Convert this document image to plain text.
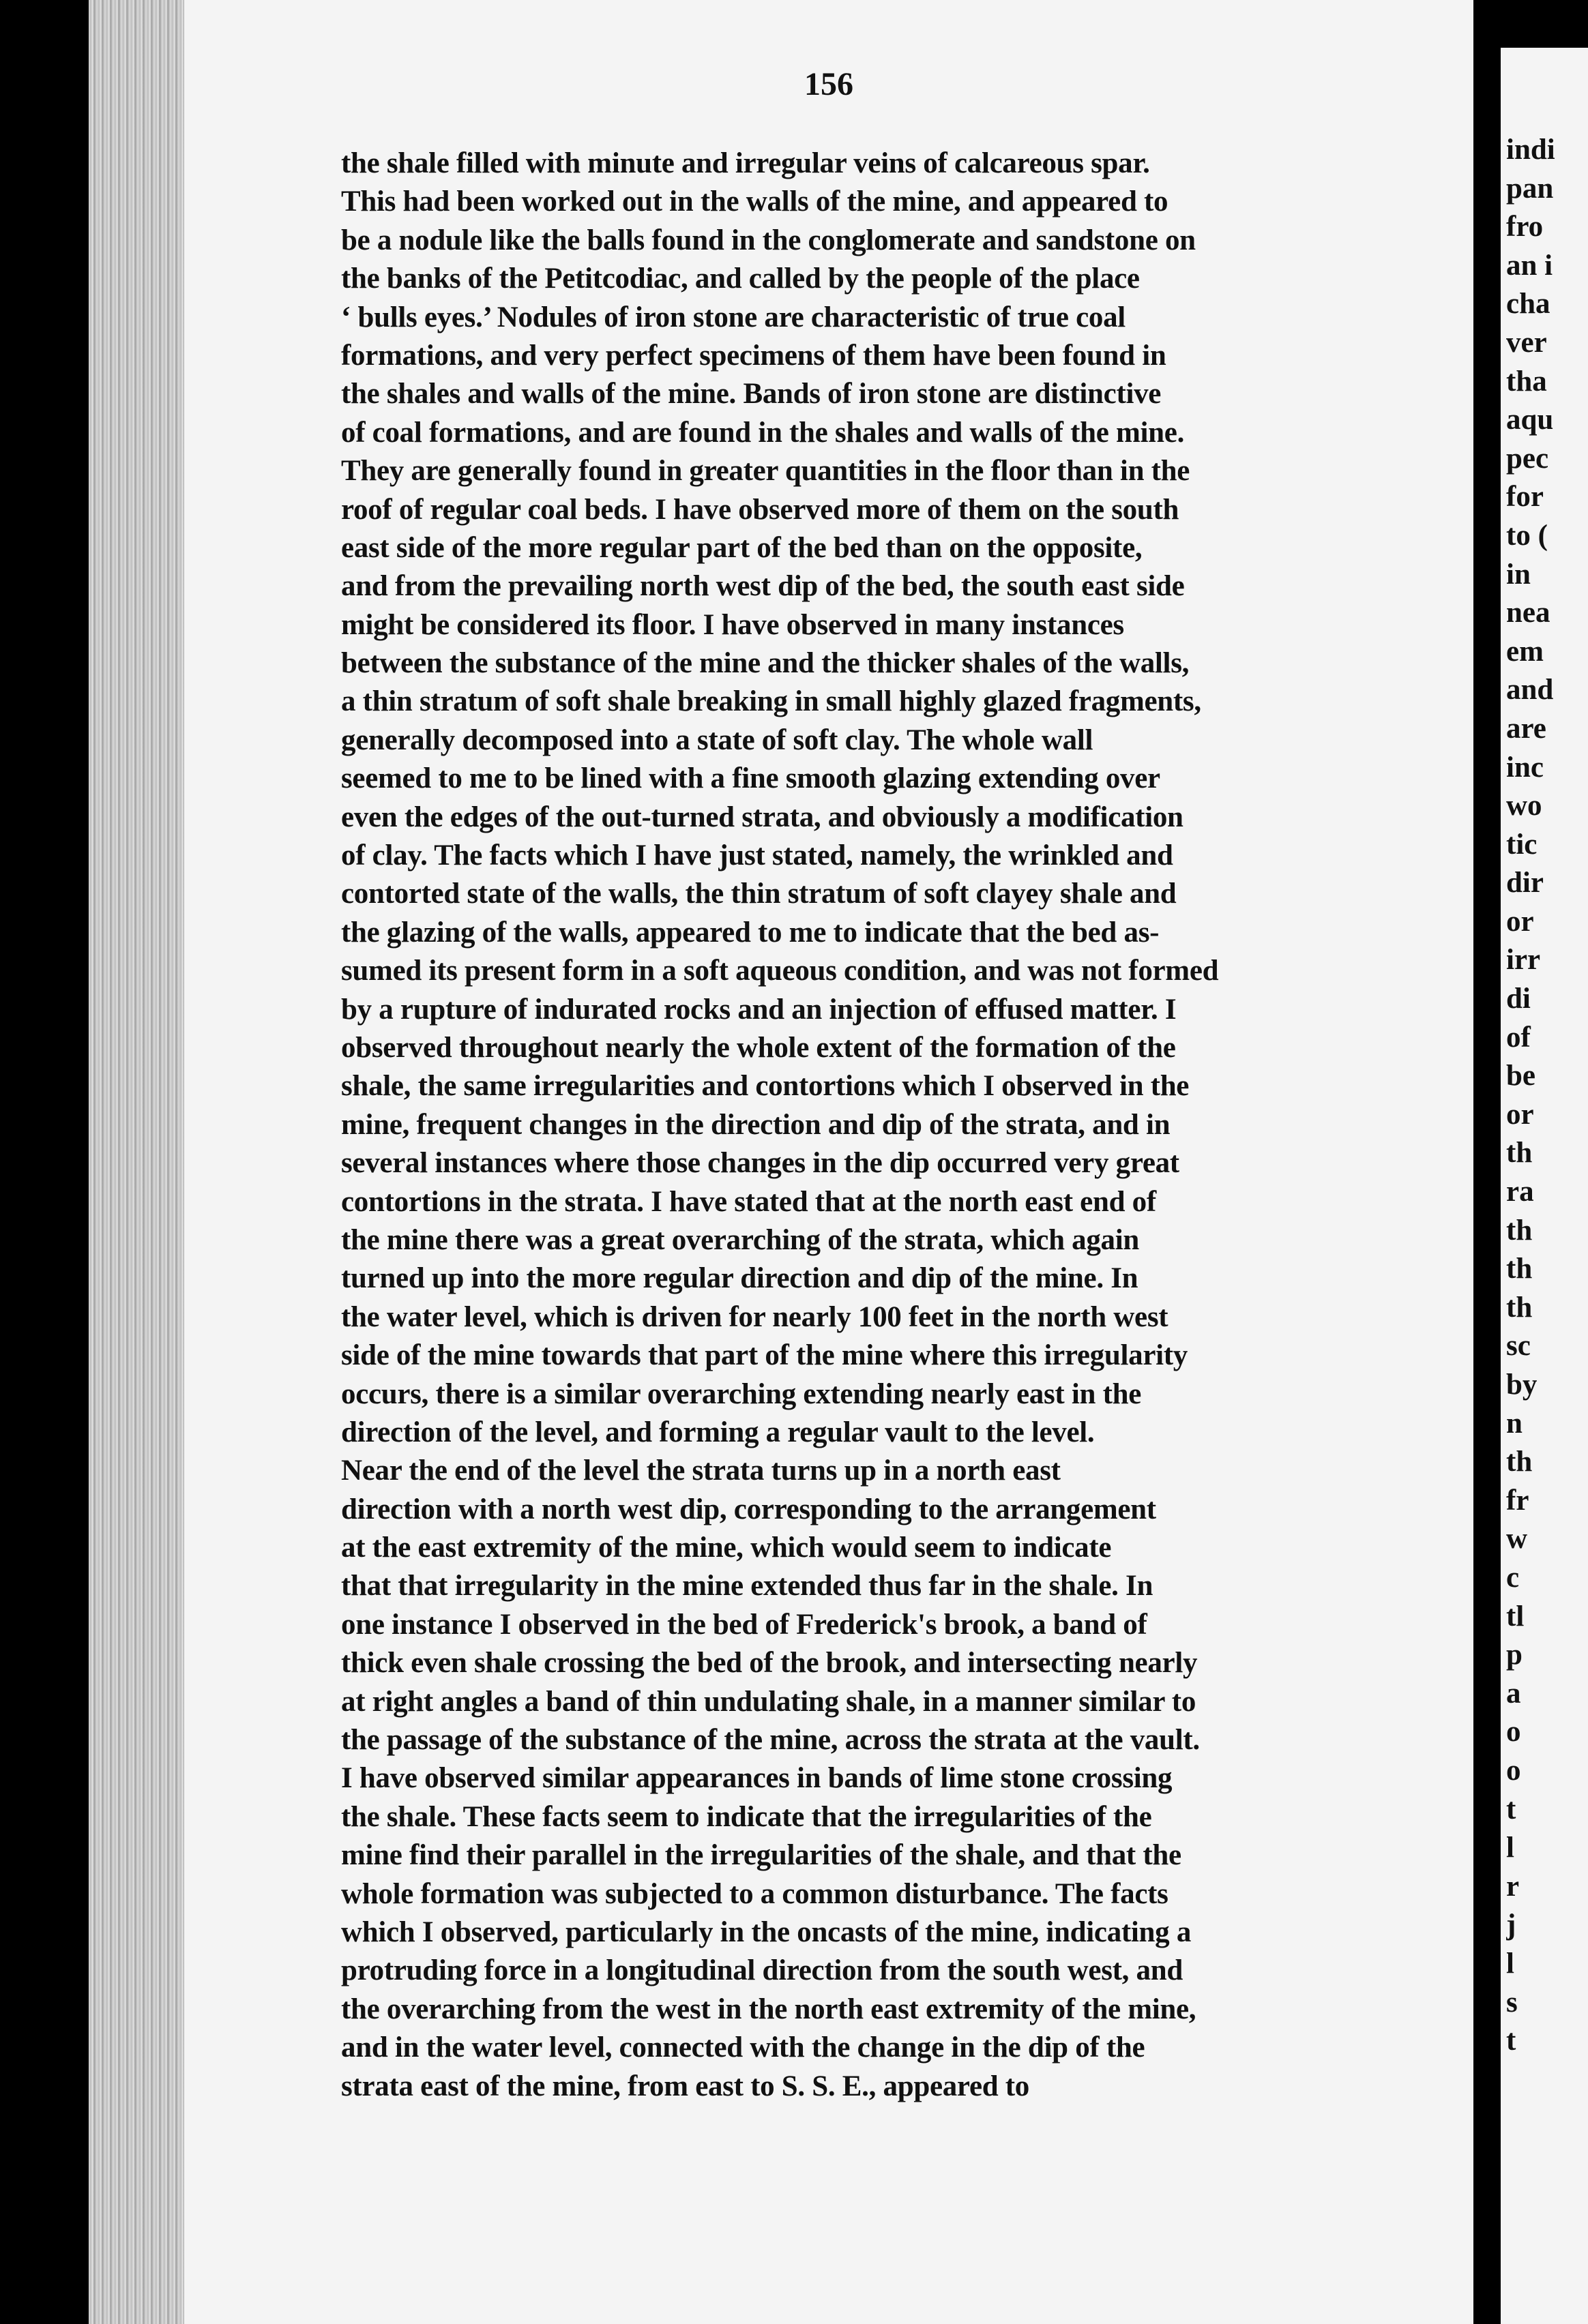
156
the shale filled with minute and irregular veins of calcareous spar.
This had been worked out in the walls of the mine, and appeared to
be a nodule like the balls found in the conglomerate and sandstone on
the banks of the Petitcodiac, and called by the people of the place
‘ bulls eyes.’ Nodules of iron stone are characteristic of true coal
formations, and very perfect specimens of them have been found in
the shales and walls of the mine. Bands of iron stone are distinctive
of coal formations, and are found in the shales and walls of the mine.
They are generally found in greater quantities in the floor than in the
roof of regular coal beds. I have observed more of them on the south
east side of the more regular part of the bed than on the opposite,
and from the prevailing north west dip of the bed, the south east side
might be considered its floor. I have observed in many instances
between the substance of the mine and the thicker shales of the walls,
a thin stratum of soft shale breaking in small highly glazed fragments,
generally decomposed into a state of soft clay. The whole wall
seemed to me to be lined with a fine smooth glazing extending over
even the edges of the out-turned strata, and obviously a modification
of clay. The facts which I have just stated, namely, the wrinkled and
contorted state of the walls, the thin stratum of soft clayey shale and
the glazing of the walls, appeared to me to indicate that the bed as-
sumed its present form in a soft aqueous condition, and was not formed
by a rupture of indurated rocks and an injection of effused matter. I
observed throughout nearly the whole extent of the formation of the
shale, the same irregularities and contortions which I observed in the
mine, frequent changes in the direction and dip of the strata, and in
several instances where those changes in the dip occurred very great
contortions in the strata. I have stated that at the north east end of
the mine there was a great overarching of the strata, which again
turned up into the more regular direction and dip of the mine. In
the water level, which is driven for nearly 100 feet in the north west
side of the mine towards that part of the mine where this irregularity
occurs, there is a similar overarching extending nearly east in the
direction of the level, and forming a regular vault to the level.
Near the end of the level the strata turns up in a north east
direction with a north west dip, corresponding to the arrangement
at the east extremity of the mine, which would seem to indicate
that that irregularity in the mine extended thus far in the shale. In
one instance I observed in the bed of Frederick's brook, a band of
thick even shale crossing the bed of the brook, and intersecting nearly
at right angles a band of thin undulating shale, in a manner similar to
the passage of the substance of the mine, across the strata at the vault.
I have observed similar appearances in bands of lime stone crossing
the shale. These facts seem to indicate that the irregularities of the
mine find their parallel in the irregularities of the shale, and that the
whole formation was subjected to a common disturbance. The facts
which I observed, particularly in the oncasts of the mine, indicating a
protruding force in a longitudinal direction from the south west, and
the overarching from the west in the north east extremity of the mine,
and in the water level, connected with the change in the dip of the
strata east of the mine, from east to S. S. E., appeared to
indi
pan
fro
an i
cha
ver
tha
aqu
pec
for
to (
in
nea
em
and
are
inc
wo
tic
dir
or
irr
di
of
be
or
th
ra
th
th
th
sc
by
n
th
fr
w
c
tl
p
a
o
o
t
l
r
j
l
s
t
